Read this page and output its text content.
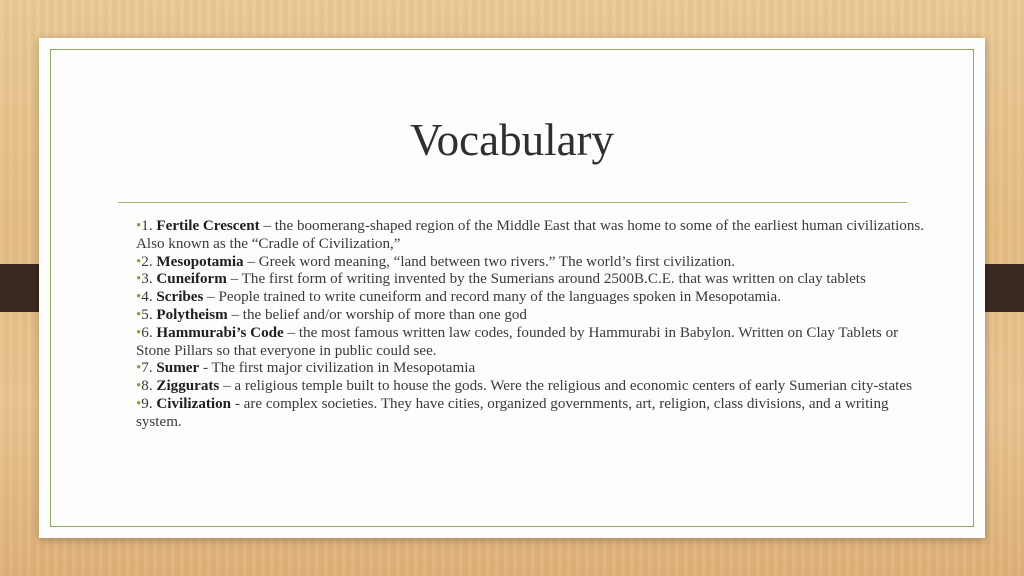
Vocabulary

•1. Fertile Crescent – the boomerang-shaped region of the Middle East that was home to some of the earliest human civilizations. Also known as the “Cradle of Civilization,”

•2. Mesopotamia – Greek word meaning, “land between two rivers.” The world’s first civilization.

•3. Cuneiform – The first form of writing invented by the Sumerians around 2500B.C.E. that was written on clay tablets

•4. Scribes – People trained to write cuneiform and record many of the languages spoken in Mesopotamia.

•5. Polytheism – the belief and/or worship of more than one god

•6. Hammurabi’s Code – the most famous written law codes, founded by Hammurabi in Babylon. Written on Clay Tablets or Stone Pillars so that everyone in public could see.

•7. Sumer - The first major civilization in Mesopotamia

•8. Ziggurats – a religious temple built to house the gods. Were the religious and economic centers of early Sumerian city-states

•9. Civilization - are complex societies. They have cities, organized governments, art, religion, class divisions, and a writing system.
